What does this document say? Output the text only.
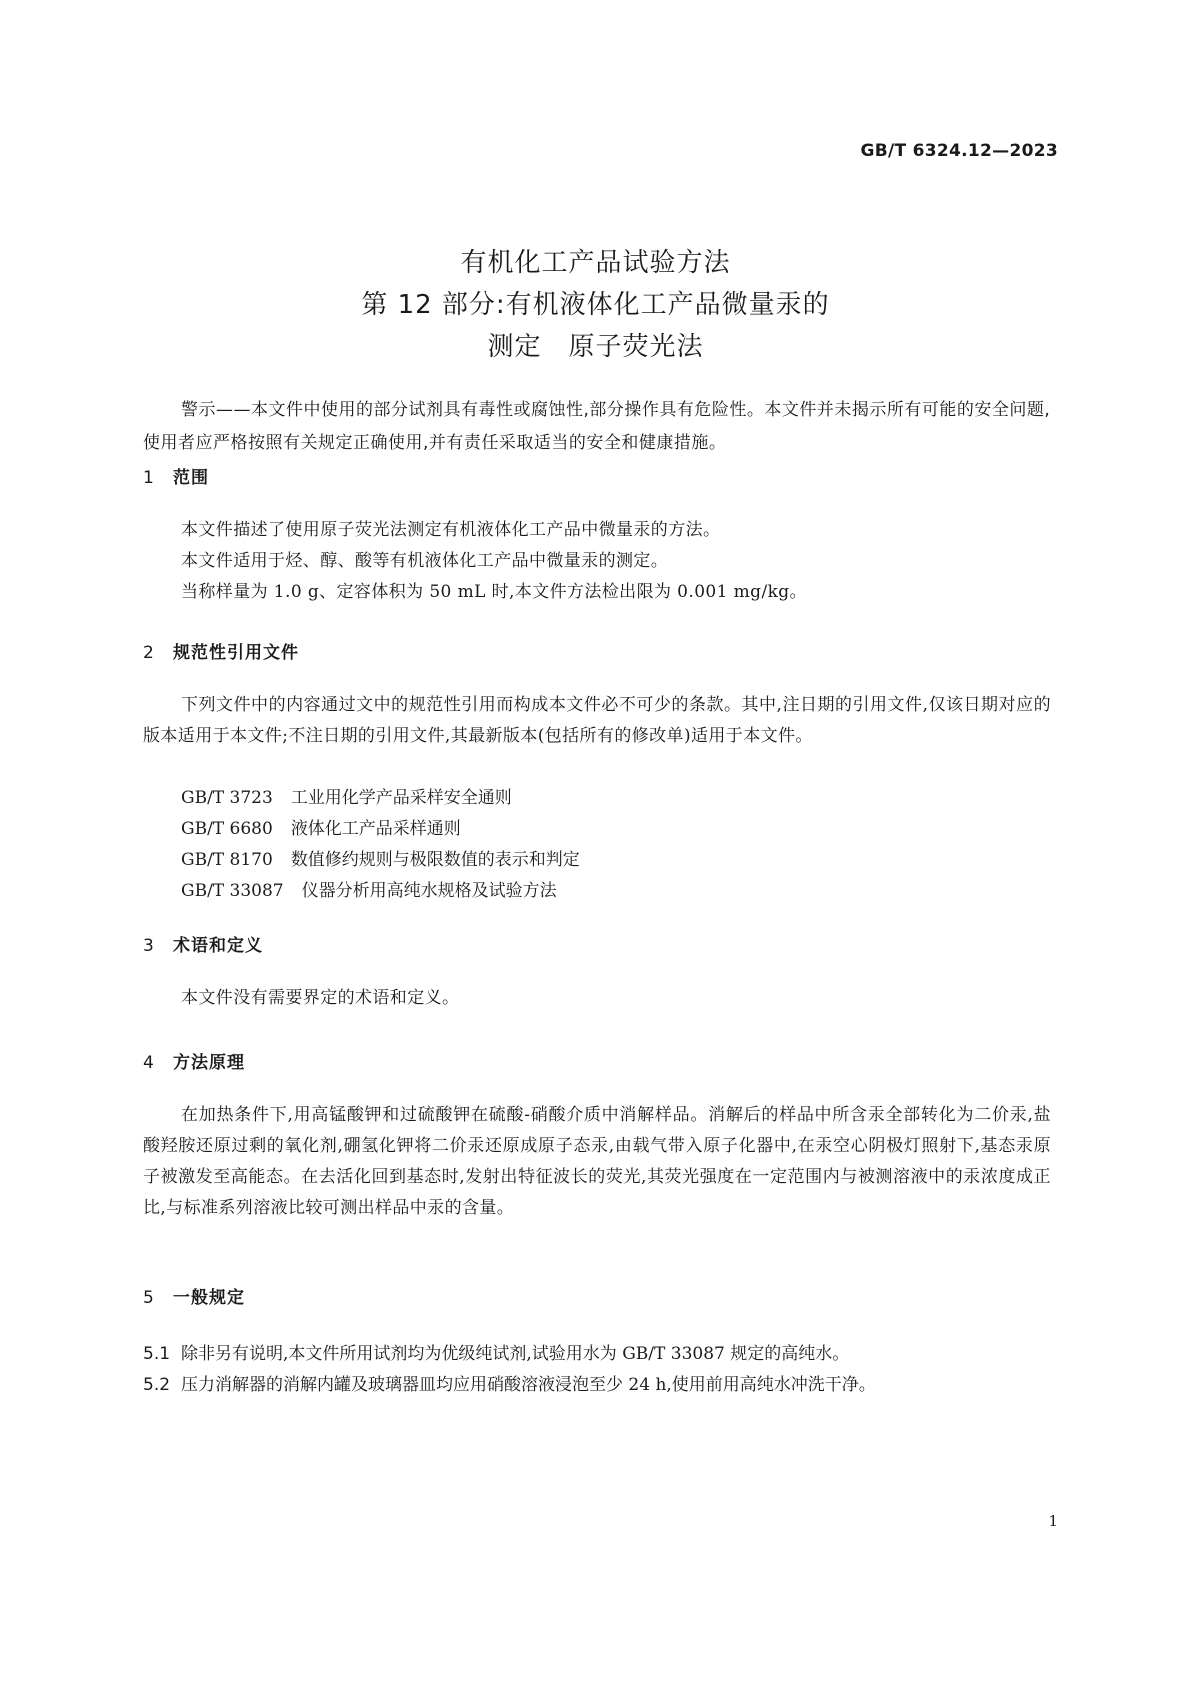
GB/T 6324.12—2023
有机化工产品试验方法
第 12 部分:有机液体化工产品微量汞的
测定　原子荧光法
警示——本文件中使用的部分试剂具有毒性或腐蚀性,部分操作具有危险性。本文件并未揭示所有可能的安全问题,使用者应严格按照有关规定正确使用,并有责任采取适当的安全和健康措施。
1 范围

本文件描述了使用原子荧光法测定有机液体化工产品中微量汞的方法。

本文件适用于烃、醇、酸等有机液体化工产品中微量汞的测定。

当称样量为 1.0 g、定容体积为 50 mL 时,本文件方法检出限为 0.001 mg/kg。

2 规范性引用文件

下列文件中的内容通过文中的规范性引用而构成本文件必不可少的条款。其中,注日期的引用文件,仅该日期对应的版本适用于本文件;不注日期的引用文件,其最新版本(包括所有的修改单)适用于本文件。

GB/T 3723 工业用化学产品采样安全通则
GB/T 6680 液体化工产品采样通则
GB/T 8170 数值修约规则与极限数值的表示和判定
GB/T 33087 仪器分析用高纯水规格及试验方法
3 术语和定义

本文件没有需要界定的术语和定义。

4 方法原理

在加热条件下,用高锰酸钾和过硫酸钾在硫酸-硝酸介质中消解样品。消解后的样品中所含汞全部转化为二价汞,盐酸羟胺还原过剩的氧化剂,硼氢化钾将二价汞还原成原子态汞,由载气带入原子化器中,在汞空心阴极灯照射下,基态汞原子被激发至高能态。在去活化回到基态时,发射出特征波长的荧光,其荧光强度在一定范围内与被测溶液中的汞浓度成正比,与标准系列溶液比较可测出样品中汞的含量。

5 一般规定
5.1 除非另有说明,本文件所用试剂均为优级纯试剂,试验用水为 GB/T 33087 规定的高纯水。
5.2 压力消解器的消解内罐及玻璃器皿均应用硝酸溶液浸泡至少 24 h,使用前用高纯水冲洗干净。
1
